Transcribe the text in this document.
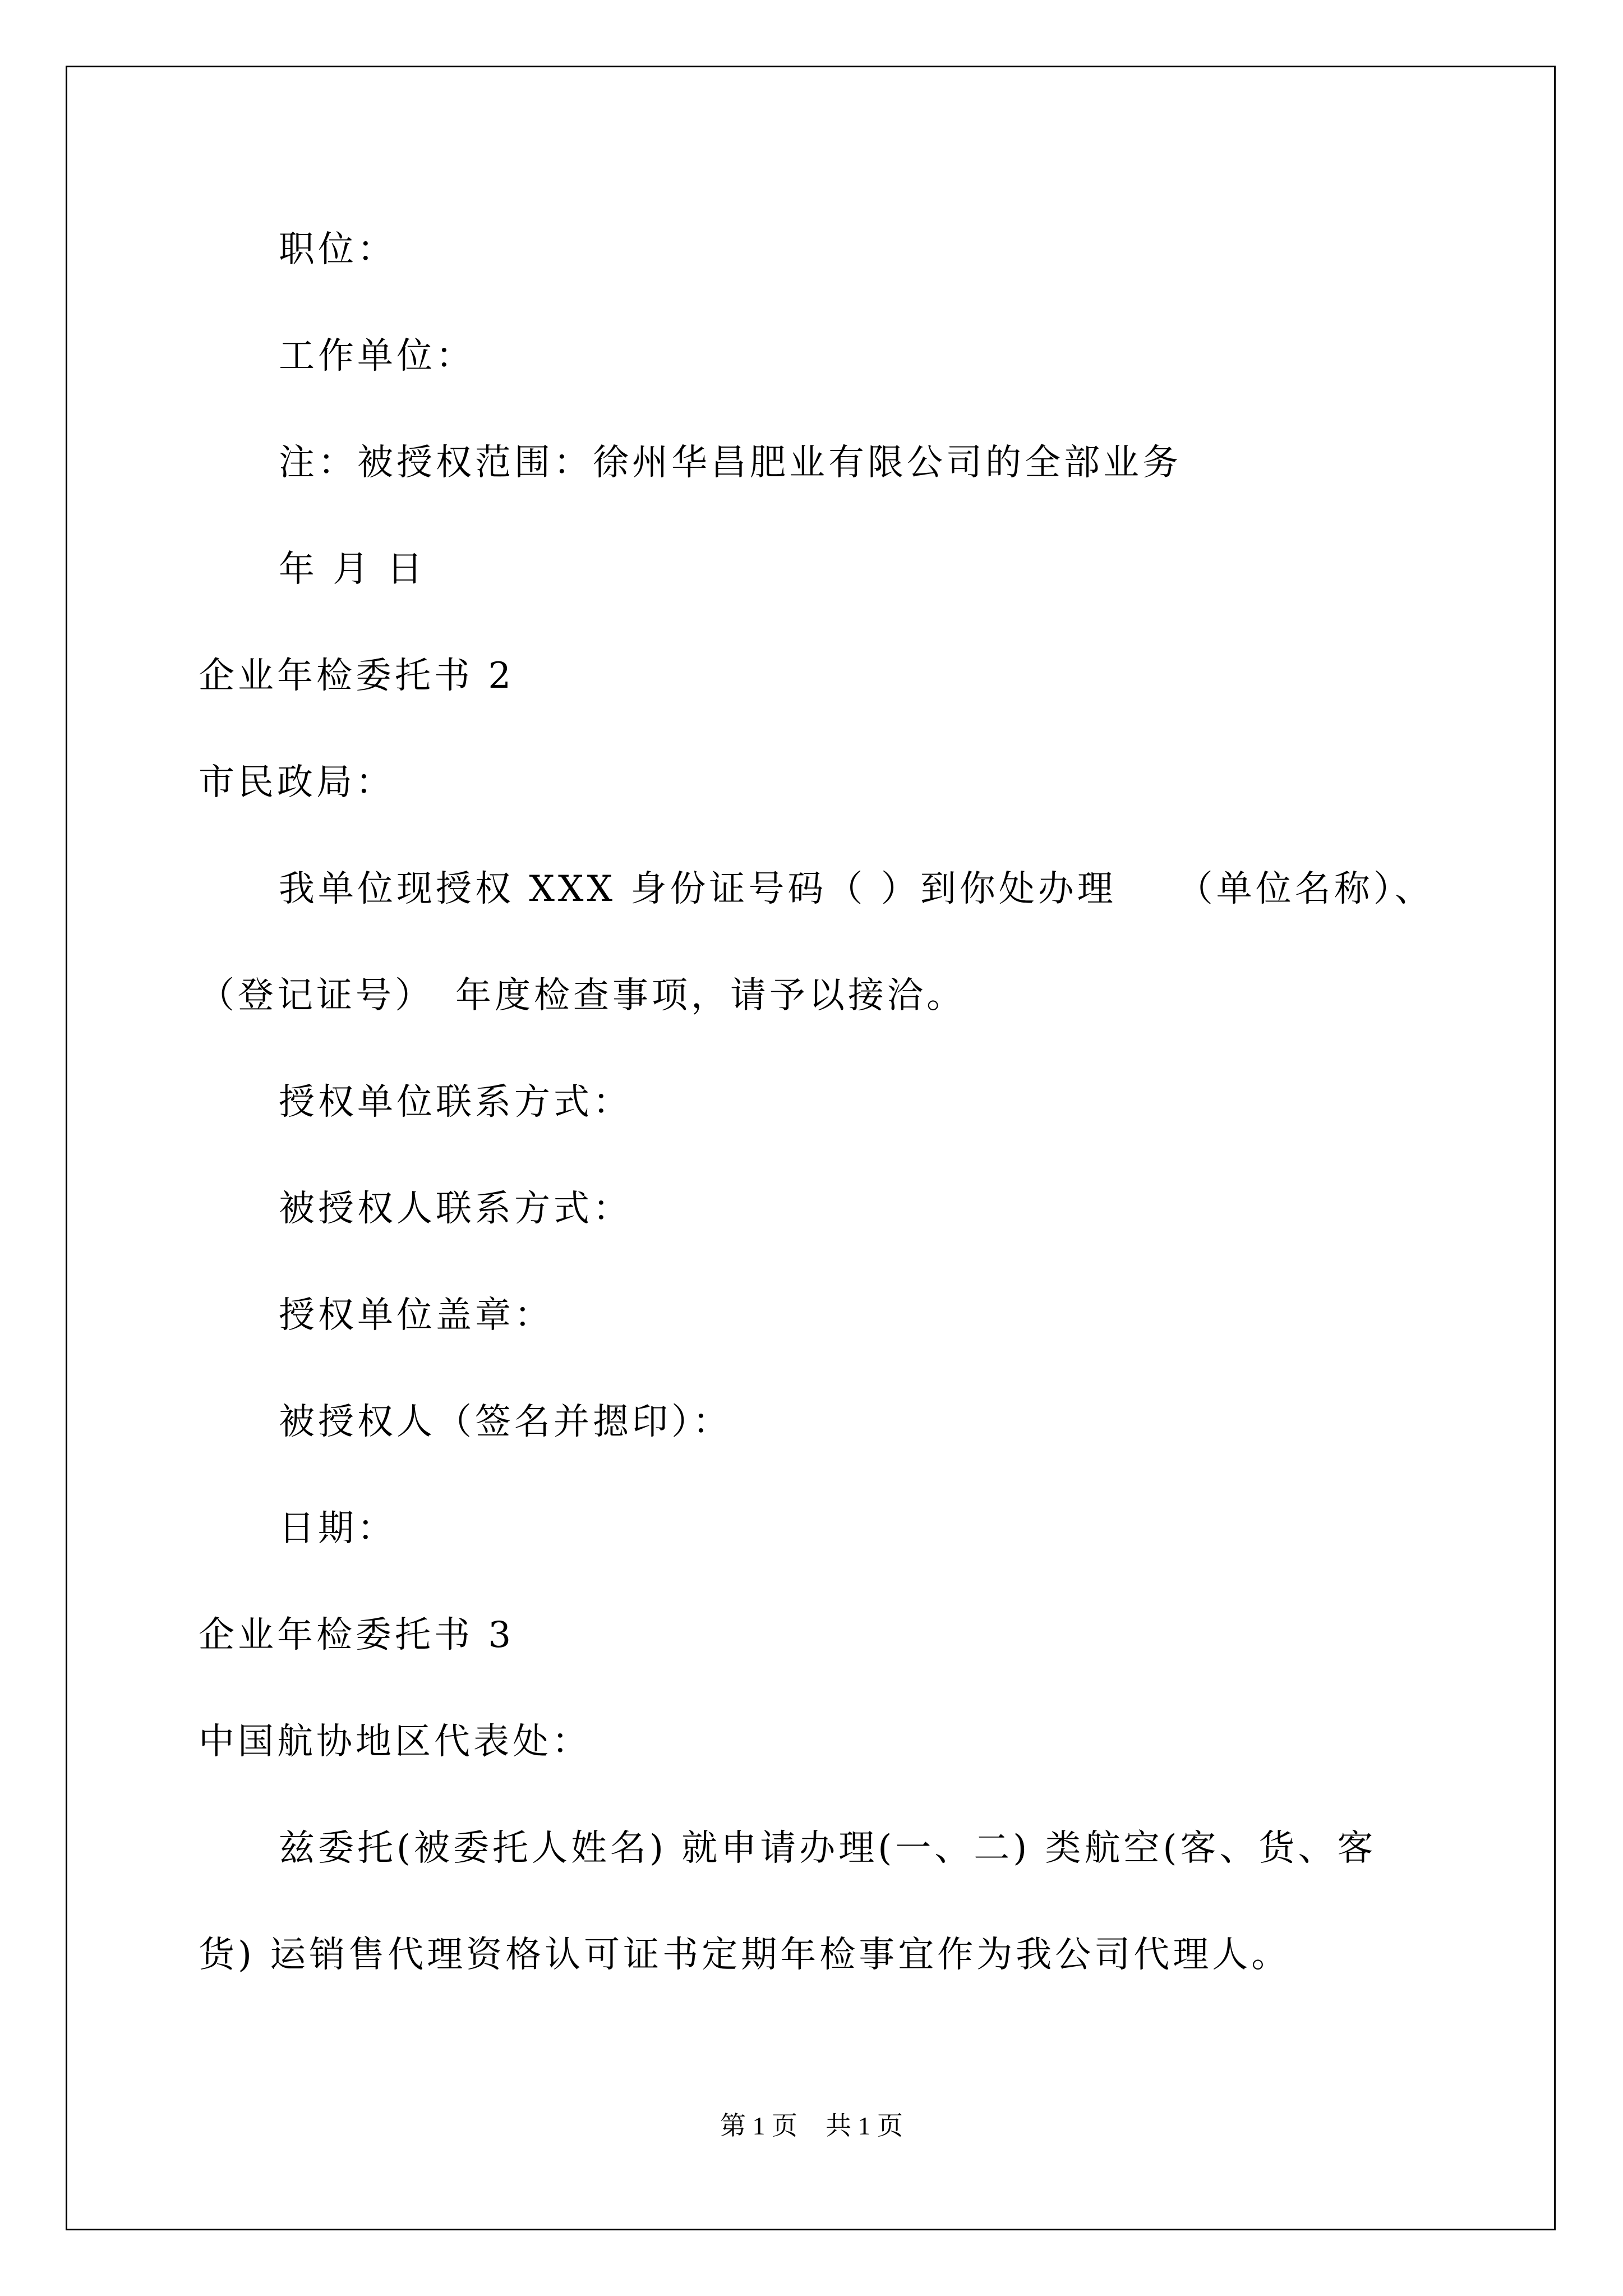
职位：
工作单位：
注：被授权范围：徐州华昌肥业有限公司的全部业务
年 月 日
企业年检委托书 2
市民政局：
我单位现授权 XXX 身份证号码（ ）到你处办理　　（单位名称）、
（登记证号）　年度检查事项，请予以接洽。
授权单位联系方式：
被授权人联系方式：
授权单位盖章：
被授权人（签名并摁印）：
日期：
企业年检委托书 3
中国航协地区代表处：
兹委托(被委托人姓名) 就申请办理(一、二) 类航空(客、货、客
货) 运销售代理资格认可证书定期年检事宜作为我公司代理人。
第 1 页 共 1 页
